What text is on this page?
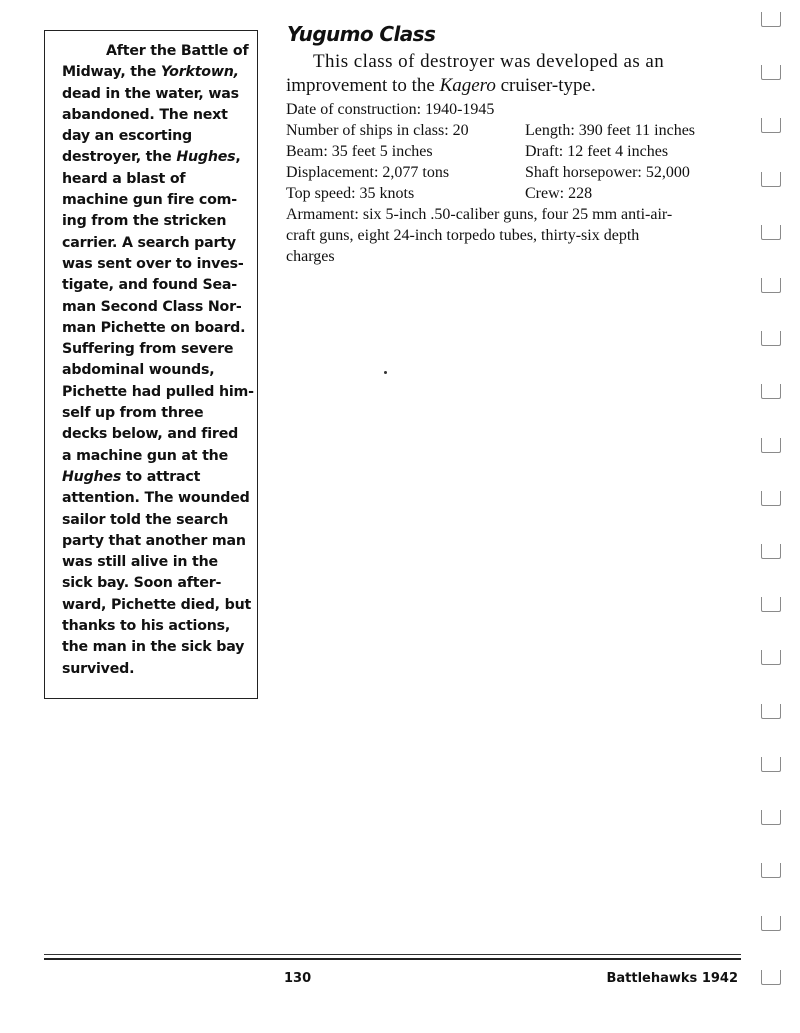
After the Battle of
Midway, the Yorktown,
dead in the water, was
abandoned. The next
day an escorting
destroyer, the Hughes,
heard a blast of
machine gun fire com-
ing from the stricken
carrier. A search party
was sent over to inves-
tigate, and found Sea-
man Second Class Nor-
man Pichette on board.
Suffering from severe
abdominal wounds,
Pichette had pulled him-
self up from three
decks below, and fired
a machine gun at the
Hughes to attract
attention. The wounded
sailor told the search
party that another man
was still alive in the
sick bay. Soon after-
ward, Pichette died, but
thanks to his actions,
the man in the sick bay
survived.
Yugumo Class
This class of destroyer was developed as an
improvement to the Kagero cruiser-type.
Date of construction: 1940-1945
Number of ships in class: 20	Length: 390 feet 11 inches
Beam: 35 feet 5 inches	Draft: 12 feet 4 inches
Displacement: 2,077 tons	Shaft horsepower: 52,000
Top speed: 35 knots	Crew: 228
Armament: six 5-inch .50-caliber guns, four 25 mm anti-air-
craft guns, eight 24-inch torpedo tubes, thirty-six depth
charges
130	Battlehawks 1942
